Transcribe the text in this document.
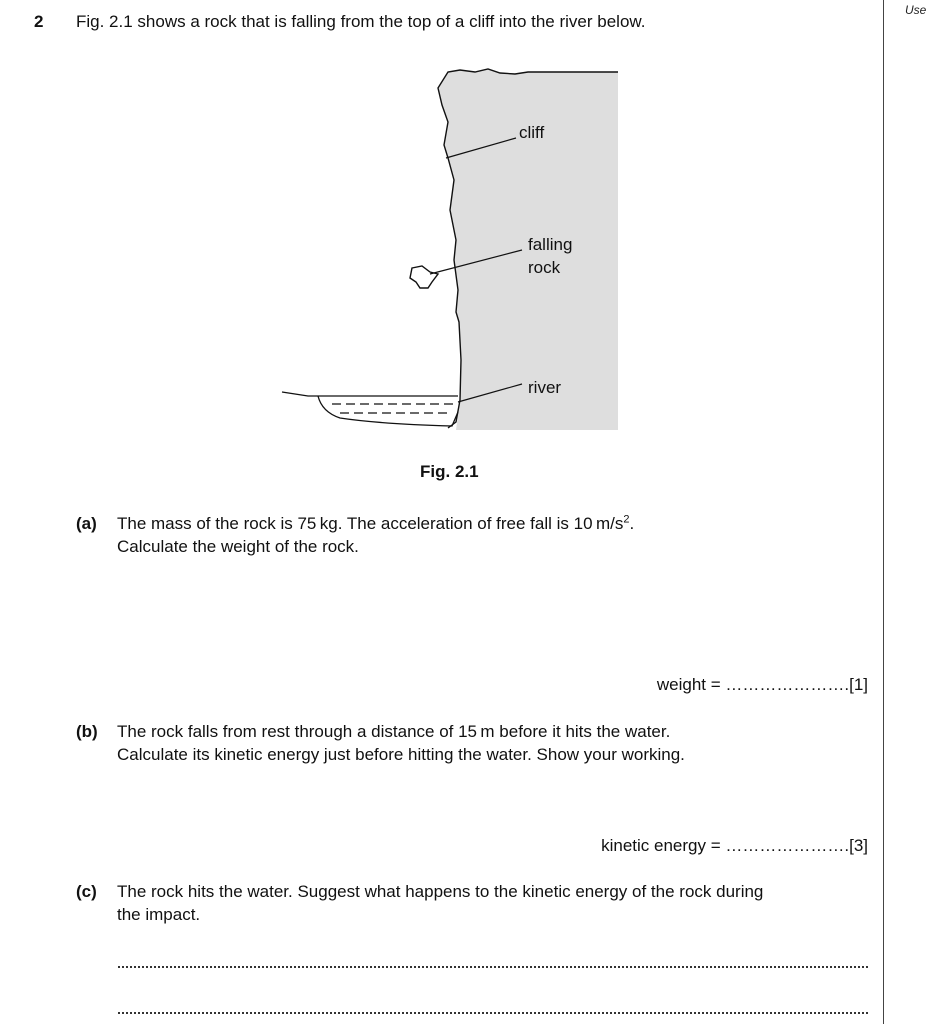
Use
2 Fig. 2.1 shows a rock that is falling from the top of a cliff into the river below.
cliff
falling
rock
river
Fig. 2.1
(a) The mass of the rock is 75 kg. The acceleration of free fall is 10 $m/s^2$.
Calculate the weight of the rock.
weight = ………………….[1]
(b) The rock falls from rest through a distance of 15 m before it hits the water.
Calculate its kinetic energy just before hitting the water. Show your working.
kinetic energy = ………………….[3]
(c) The rock hits the water. Suggest what happens to the kinetic energy of the rock during
the impact.
